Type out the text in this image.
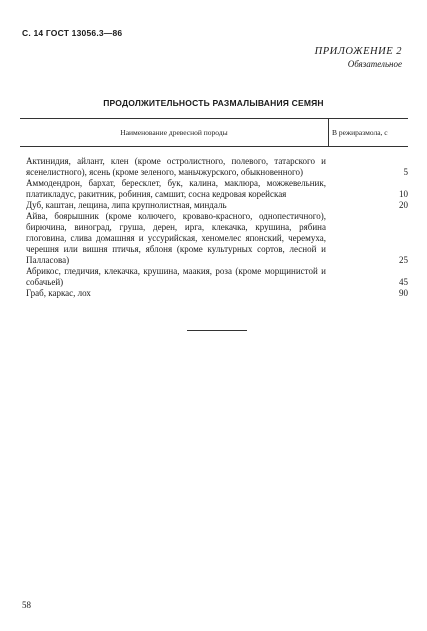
С. 14 ГОСТ 13056.3—86
ПРИЛОЖЕНИЕ 2
Обязательное
ПРОДОЛЖИТЕЛЬНОСТЬ РАЗМАЛЫВАНИЯ СЕМЯН
Наименование древесной породы	В режиразмола, с
Актинидия, айлант, клен (кроме остролистного, полевого, татарского и ясенелистного), ясень (кроме зеленого, маньчжурского, обыкновенного)	5
Аммодендрон, бархат, бересклет, бук, калина, маклюра, можжевельник, платикладус, ракитник, робиния, самшит, сосна кедровая корейская	10
Дуб, каштан, лещина, липа крупнолистная, миндаль	20
Айва, боярышник (кроме колючего, кроваво-красного, однопестичного), бирючина, виноград, груша, дерен, ирга, клекачка, крушина, рябина глоговина, слива домашняя и уссурийская, хеномелес японский, черемуха, черешня или вишня птичья, яблоня (кроме культурных сортов, лесной и Палласова)	25
Абрикос, гледичия, клекачка, крушина, маакия, роза (кроме морщинистой и собачьей)	45
Граб, каркас, лох	90
58
